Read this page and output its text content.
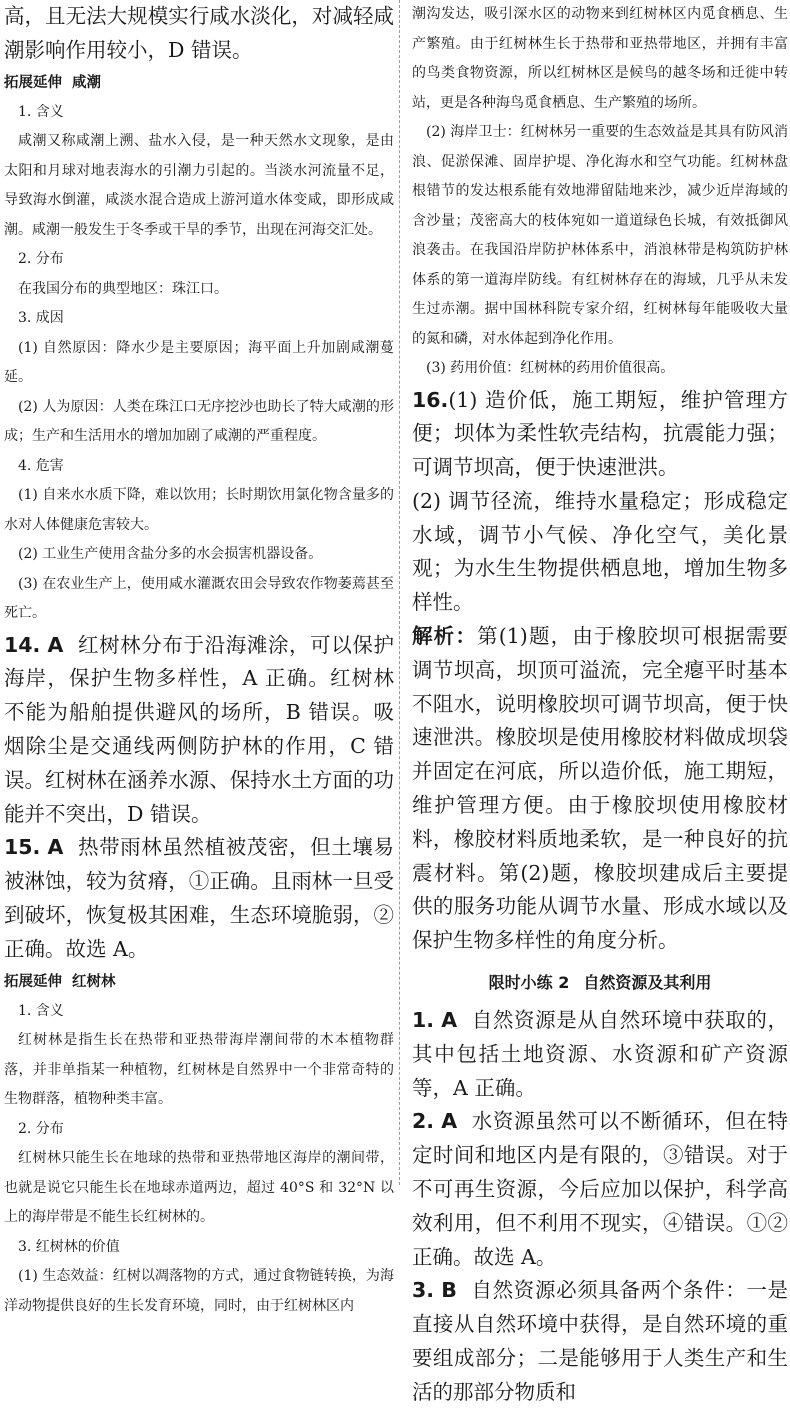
高，且无法大规模实行咸水淡化，对减轻咸潮影响作用较小，D 错误。

拓展延伸 咸潮

1. 含义

咸潮又称咸潮上溯、盐水入侵，是一种天然水文现象，是由太阳和月球对地表海水的引潮力引起的。当淡水河流量不足，导致海水倒灌，咸淡水混合造成上游河道水体变咸，即形成咸潮。咸潮一般发生于冬季或干旱的季节，出现在河海交汇处。

2. 分布

在我国分布的典型地区：珠江口。

3. 成因

(1) 自然原因：降水少是主要原因；海平面上升加剧咸潮蔓延。

(2) 人为原因：人类在珠江口无序挖沙也助长了特大咸潮的形成；生产和生活用水的增加加剧了咸潮的严重程度。

4. 危害

(1) 自来水水质下降，难以饮用；长时期饮用氯化物含量多的水对人体健康危害较大。

(2) 工业生产使用含盐分多的水会损害机器设备。

(3) 在农业生产上，使用咸水灌溉农田会导致农作物萎蔫甚至死亡。

14. A 红树林分布于沿海滩涂，可以保护海岸，保护生物多样性，A 正确。红树林不能为船舶提供避风的场所，B 错误。吸烟除尘是交通线两侧防护林的作用，C 错误。红树林在涵养水源、保持水土方面的功能并不突出，D 错误。

15. A 热带雨林虽然植被茂密，但土壤易被淋蚀，较为贫瘠，①正确。且雨林一旦受到破坏，恢复极其困难，生态环境脆弱，②正确。故选 A。

拓展延伸 红树林

1. 含义

红树林是指生长在热带和亚热带海岸潮间带的木本植物群落，并非单指某一种植物，红树林是自然界中一个非常奇特的生物群落，植物种类丰富。

2. 分布

红树林只能生长在地球的热带和亚热带地区海岸的潮间带，也就是说它只能生长在地球赤道两边，超过 40°S 和 32°N 以上的海岸带是不能生长红树林的。

3. 红树林的价值

(1) 生态效益：红树以凋落物的方式，通过食物链转换，为海洋动物提供良好的生长发育环境，同时，由于红树林区内

潮沟发达，吸引深水区的动物来到红树林区内觅食栖息、生产繁殖。由于红树林生长于热带和亚热带地区，并拥有丰富的鸟类食物资源，所以红树林区是候鸟的越冬场和迁徙中转站，更是各种海鸟觅食栖息、生产繁殖的场所。

(2) 海岸卫士：红树林另一重要的生态效益是其具有防风消浪、促淤保滩、固岸护堤、净化海水和空气功能。红树林盘根错节的发达根系能有效地滞留陆地来沙，减少近岸海域的含沙量；茂密高大的枝体宛如一道道绿色长城，有效抵御风浪袭击。在我国沿岸防护林体系中，消浪林带是构筑防护林体系的第一道海岸防线。有红树林存在的海域，几乎从未发生过赤潮。据中国林科院专家介绍，红树林每年能吸收大量的氮和磷，对水体起到净化作用。

(3) 药用价值：红树林的药用价值很高。

16.(1) 造价低，施工期短，维护管理方便；坝体为柔性软壳结构，抗震能力强；可调节坝高，便于快速泄洪。

(2) 调节径流，维持水量稳定；形成稳定水域，调节小气候、净化空气，美化景观；为水生生物提供栖息地，增加生物多样性。

解析：第(1)题，由于橡胶坝可根据需要调节坝高，坝顶可溢流，完全瘪平时基本不阻水，说明橡胶坝可调节坝高，便于快速泄洪。橡胶坝是使用橡胶材料做成坝袋并固定在河底，所以造价低，施工期短，维护管理方便。由于橡胶坝使用橡胶材料，橡胶材料质地柔软，是一种良好的抗震材料。第(2)题，橡胶坝建成后主要提供的服务功能从调节水量、形成水域以及保护生物多样性的角度分析。

限时小练 2 自然资源及其利用

1. A 自然资源是从自然环境中获取的，其中包括土地资源、水资源和矿产资源等，A 正确。

2. A 水资源虽然可以不断循环，但在特定时间和地区内是有限的，③错误。对于不可再生资源，今后应加以保护，科学高效利用，但不利用不现实，④错误。①②正确。故选 A。

3. B 自然资源必须具备两个条件：一是直接从自然环境中获得，是自然环境的重要组成部分；二是能够用于人类生产和生活的那部分物质和
